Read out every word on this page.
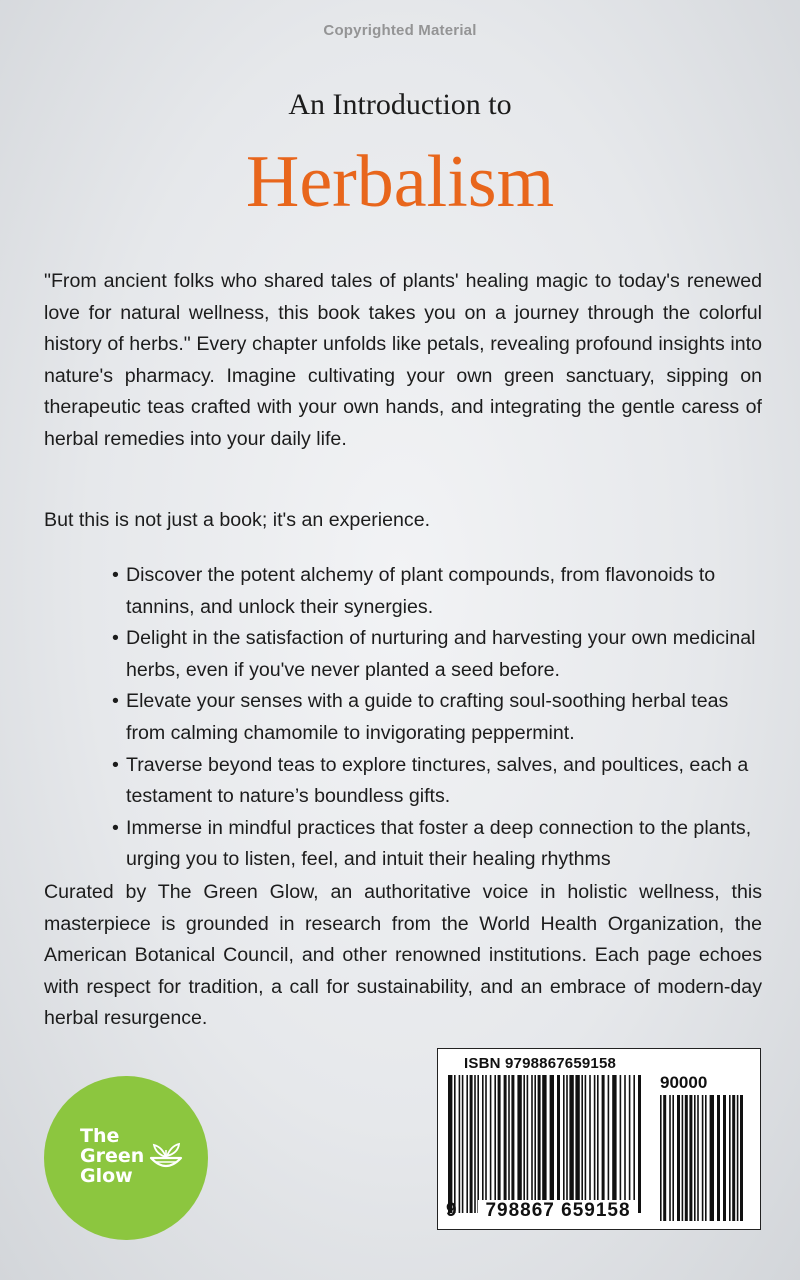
Copyrighted Material
An Introduction to
Herbalism

"From ancient folks who shared tales of plants' healing magic to today's renewed love for natural wellness, this book takes you on a journey through the colorful history of herbs." Every chapter unfolds like petals, revealing profound insights into nature's pharmacy. Imagine cultivating your own green sanctuary, sipping on therapeutic teas crafted with your own hands, and integrating the gentle caress of herbal remedies into your daily life.

But this is not just a book; it's an experience.

• Discover the potent alchemy of plant compounds, from flavonoids to tannins, and unlock their synergies.
• Delight in the satisfaction of nurturing and harvesting your own medicinal herbs, even if you've never planted a seed before.
• Elevate your senses with a guide to crafting soul-soothing herbal teas from calming chamomile to invigorating peppermint.
• Traverse beyond teas to explore tinctures, salves, and poultices, each a testament to nature’s boundless gifts.
• Immerse in mindful practices that foster a deep connection to the plants, urging you to listen, feel, and intuit their healing rhythms

Curated by The Green Glow, an authoritative voice in holistic wellness, this masterpiece is grounded in research from the World Health Organization, the American Botanical Council, and other renowned institutions. Each page echoes with respect for tradition, a call for sustainability, and an embrace of modern-day herbal resurgence.

The
Green
Glow
ISBN 9798867659158
90000
9	798867 659158
